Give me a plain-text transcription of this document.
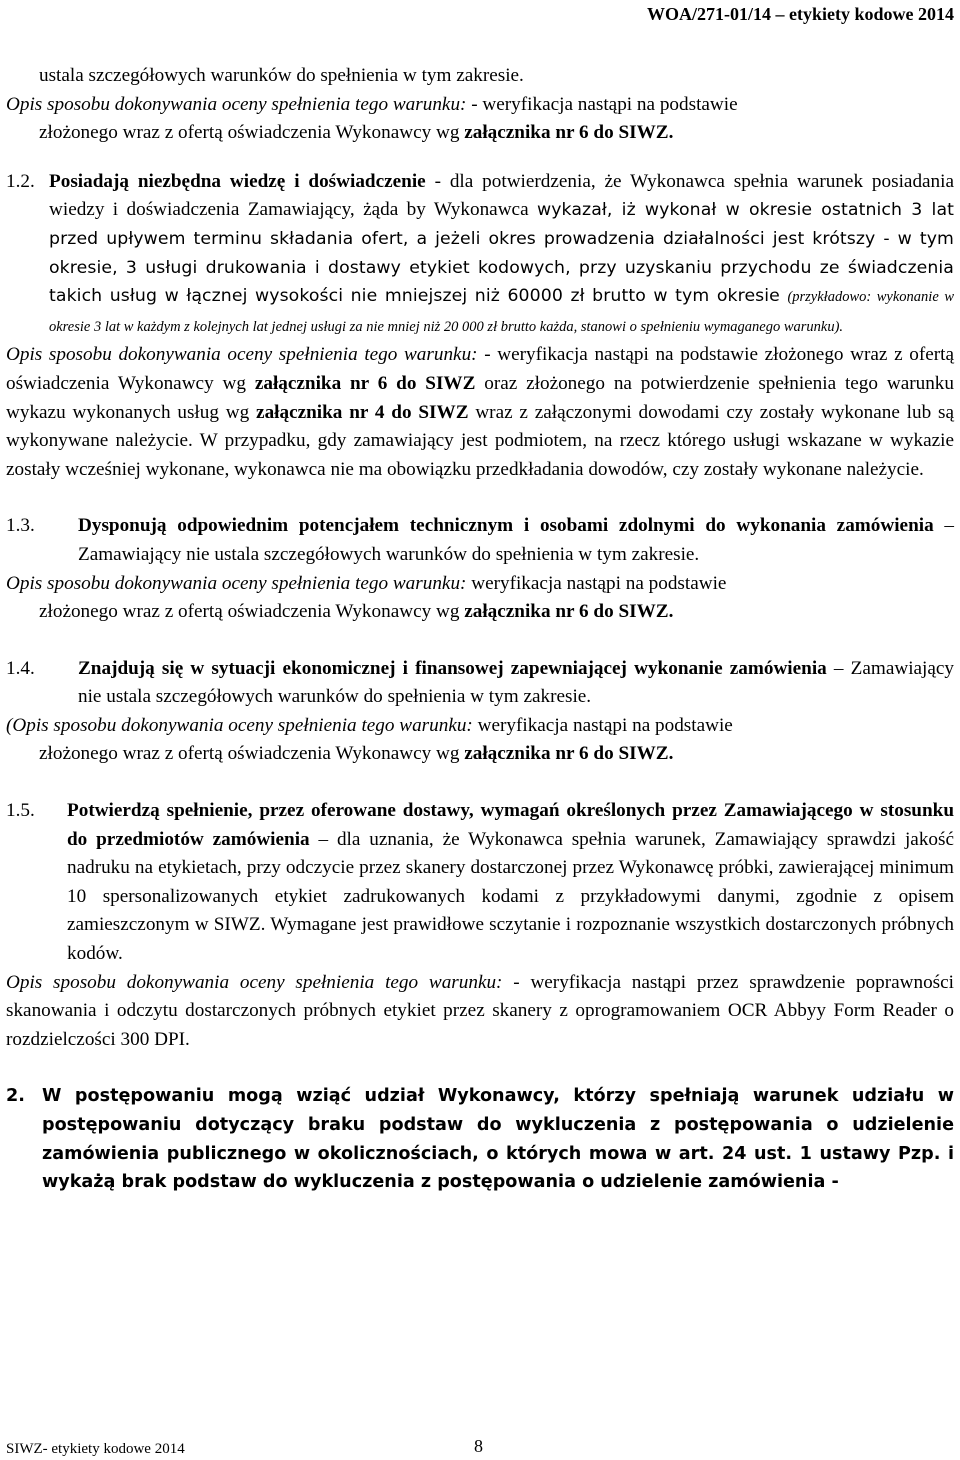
WOA/271-01/14 – etykiety kodowe 2014

ustala szczegółowych warunków do spełnienia w tym zakresie.

Opis sposobu dokonywania oceny spełnienia tego warunku: - weryfikacja nastąpi na podstawie

złożonego wraz z ofertą oświadczenia Wykonawcy wg załącznika nr 6 do SIWZ.

1.2. Posiadają niezbędna wiedzę i doświadczenie - dla potwierdzenia, że Wykonawca spełnia warunek posiadania wiedzy i doświadczenia Zamawiający, żąda by Wykonawca wykazał, iż wykonał w okresie ostatnich 3 lat przed upływem terminu składania ofert, a jeżeli okres prowadzenia działalności jest krótszy - w tym okresie, 3 usługi drukowania i dostawy etykiet kodowych, przy uzyskaniu przychodu ze świadczenia takich usług w łącznej wysokości nie mniejszej niż 60000 zł brutto w tym okresie (przykładowo: wykonanie w okresie 3 lat w każdym z kolejnych lat jednej usługi za nie mniej niż 20 000 zł brutto każda, stanowi o spełnieniu wymaganego warunku).
Opis sposobu dokonywania oceny spełnienia tego warunku: - weryfikacja nastąpi na podstawie złożonego wraz z ofertą oświadczenia Wykonawcy wg załącznika nr 6 do SIWZ oraz złożonego na potwierdzenie spełnienia tego warunku wykazu wykonanych usług wg załącznika nr 4 do SIWZ wraz z załączonymi dowodami czy zostały wykonane lub są wykonywane należycie. W przypadku, gdy zamawiający jest podmiotem, na rzecz którego usługi wskazane w wykazie zostały wcześniej wykonane, wykonawca nie ma obowiązku przedkładania dowodów, czy zostały wykonane należycie.
1.3.	Dysponują odpowiednim potencjałem technicznym i osobami zdolnymi do wykonania zamówienia – Zamawiający nie ustala szczegółowych warunków do spełnienia w tym zakresie.

Opis sposobu dokonywania oceny spełnienia tego warunku: weryfikacja nastąpi na podstawie

złożonego wraz z ofertą oświadczenia Wykonawcy wg załącznika nr 6 do SIWZ.

1.4.	Znajdują się w sytuacji ekonomicznej i finansowej zapewniającej wykonanie zamówienia – Zamawiający nie ustala szczegółowych warunków do spełnienia w tym zakresie.

(Opis sposobu dokonywania oceny spełnienia tego warunku: weryfikacja nastąpi na podstawie

złożonego wraz z ofertą oświadczenia Wykonawcy wg załącznika nr 6 do SIWZ.

1.5.	Potwierdzą spełnienie, przez oferowane dostawy, wymagań określonych przez Zamawiającego w stosunku do przedmiotów zamówienia – dla uznania, że Wykonawca spełnia warunek, Zamawiający sprawdzi jakość nadruku na etykietach, przy odczycie przez skanery dostarczonej przez Wykonawcę próbki, zawierającej minimum 10 spersonalizowanych etykiet zadrukowanych kodami z przykładowymi danymi, zgodnie z opisem zamieszczonym w SIWZ. Wymagane jest prawidłowe sczytanie i rozpoznanie wszystkich dostarczonych próbnych kodów.
Opis sposobu dokonywania oceny spełnienia tego warunku: - weryfikacja nastąpi przez sprawdzenie poprawności skanowania i odczytu dostarczonych próbnych etykiet przez skanery z oprogramowaniem OCR Abbyy Form Reader o rozdzielczości 300 DPI.
2. W postępowaniu mogą wziąć udział Wykonawcy, którzy spełniają warunek udziału w postępowaniu dotyczący braku podstaw do wykluczenia z postępowania o udzielenie zamówienia publicznego w okolicznościach, o których mowa w art. 24 ust. 1 ustawy Pzp. i wykażą brak podstaw do wykluczenia z postępowania o udzielenie zamówienia -
SIWZ- etykiety kodowe 2014	8
